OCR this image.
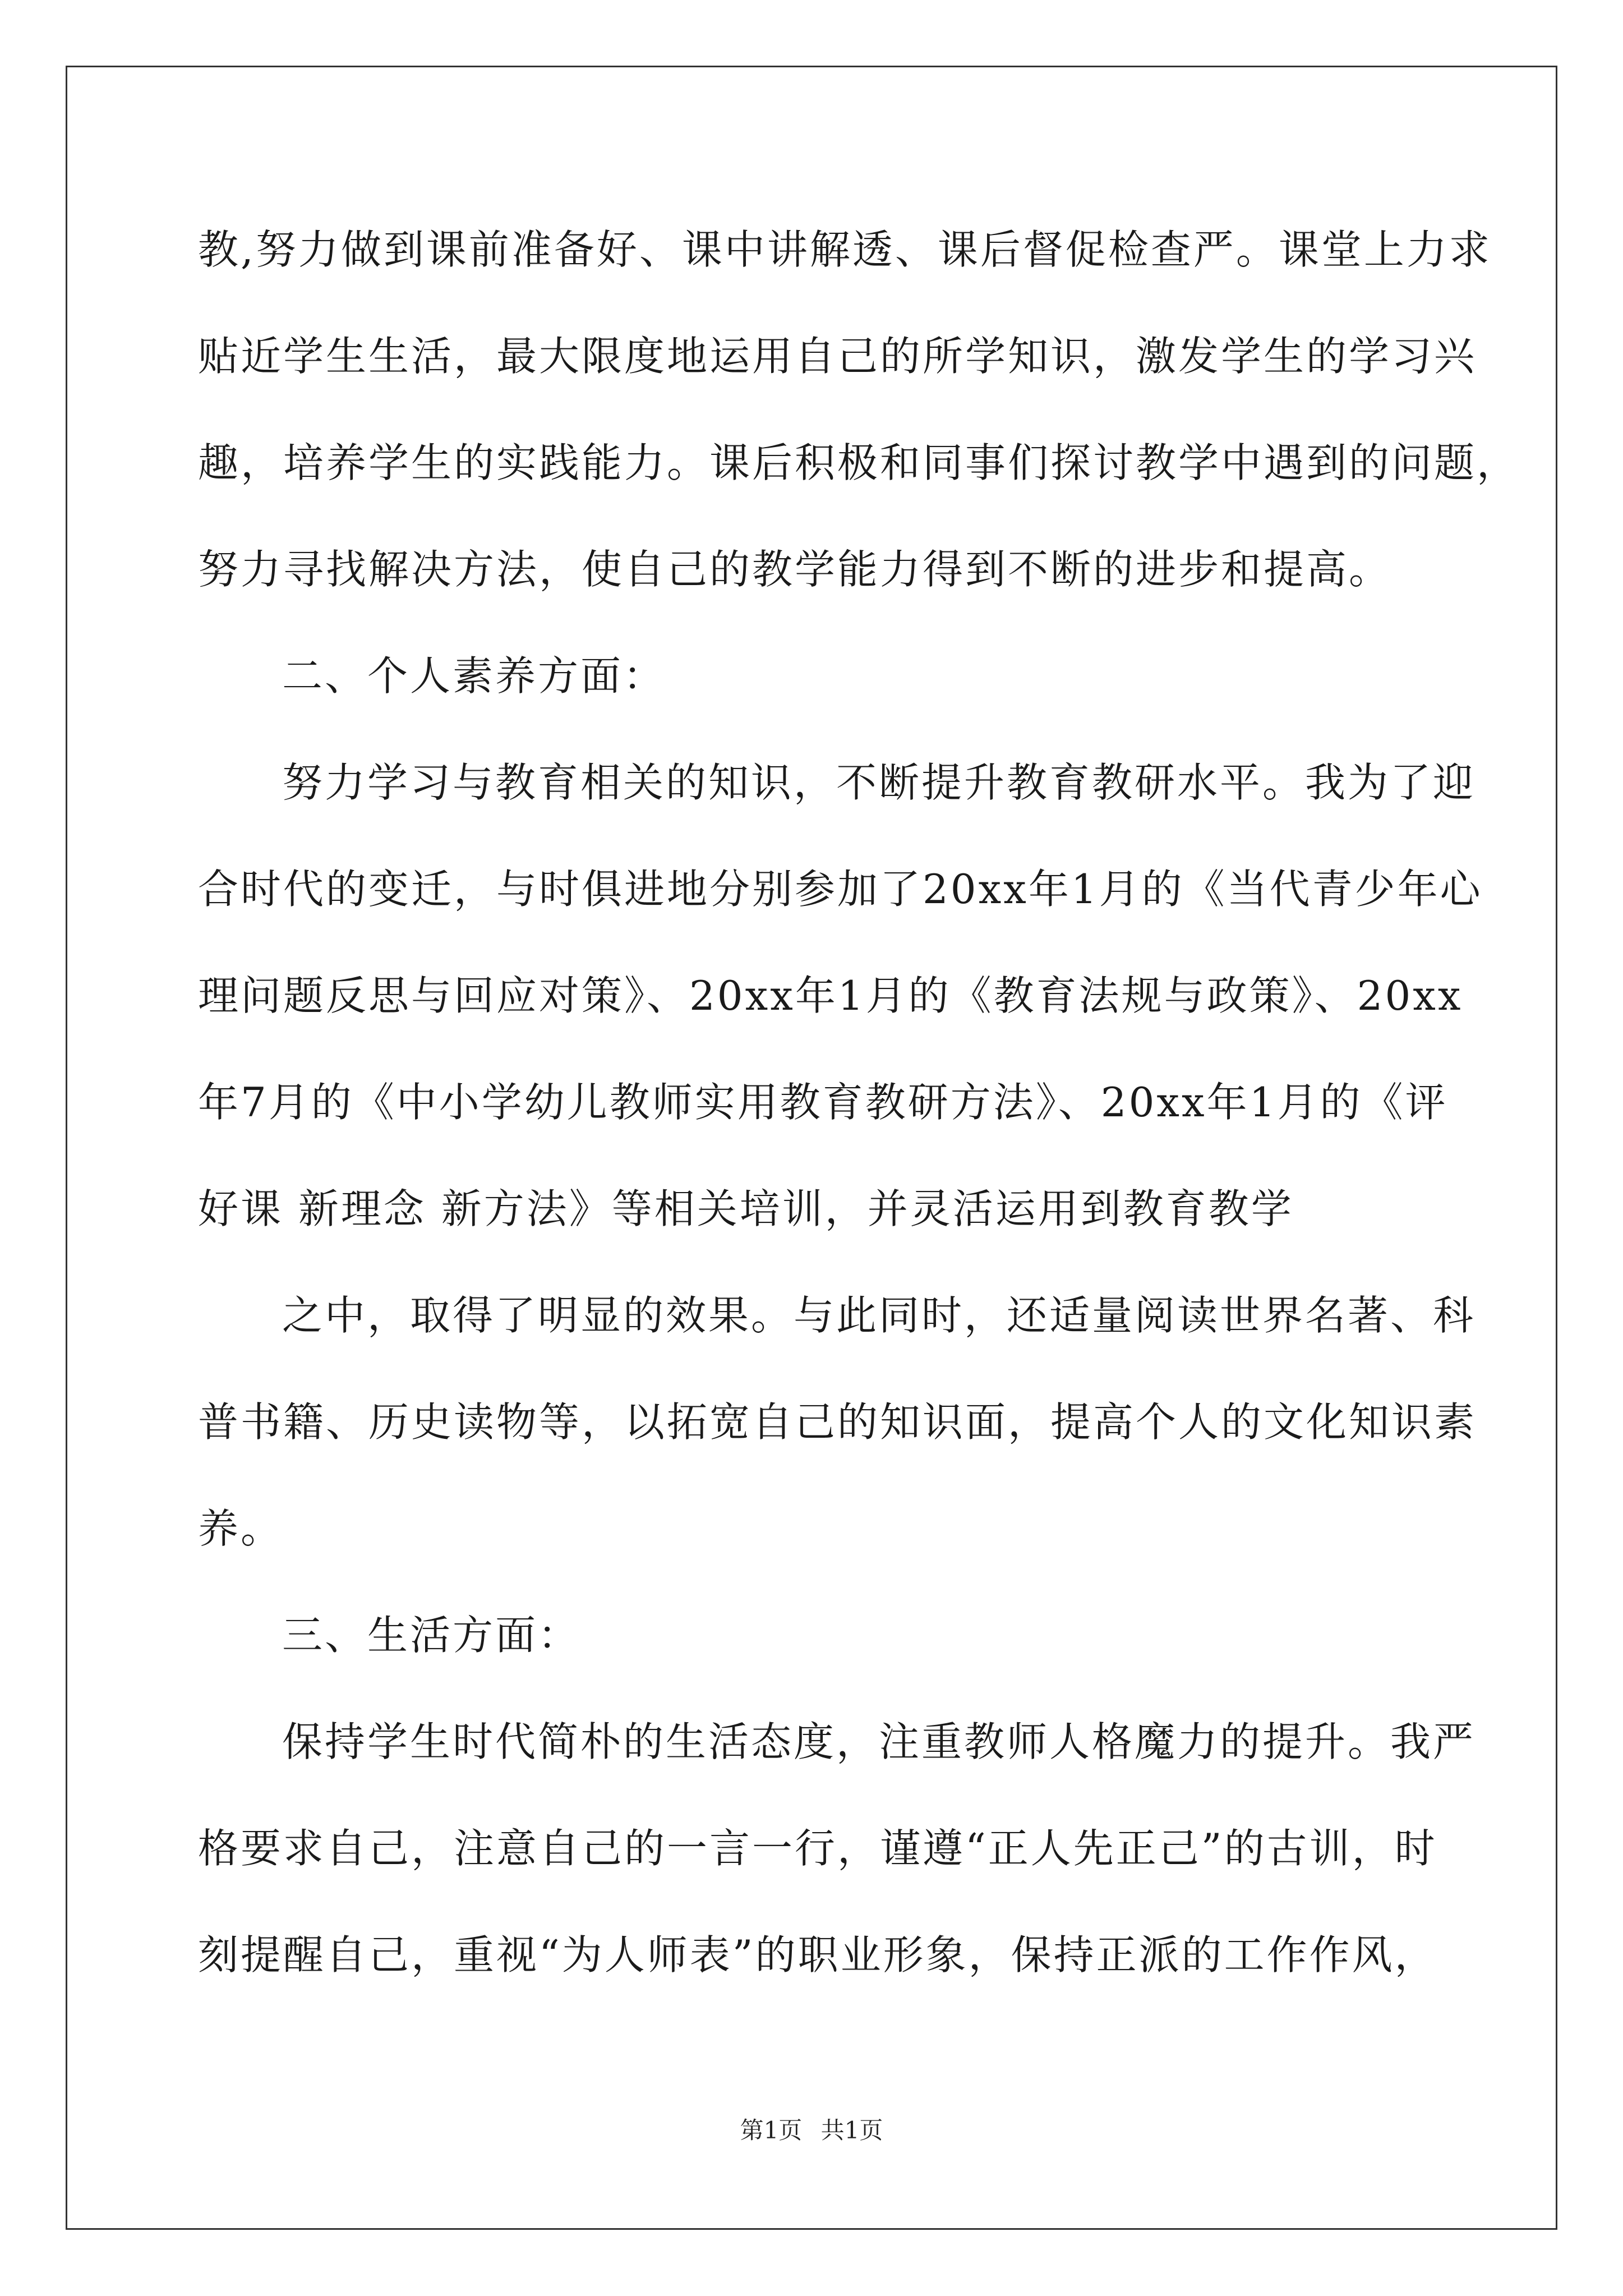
教,努力做到课前准备好、课中讲解透、课后督促检查严。课堂上力求
贴近学生生活，最大限度地运用自己的所学知识，激发学生的学习兴
趣，培养学生的实践能力。课后积极和同事们探讨教学中遇到的问题，
努力寻找解决方法，使自己的教学能力得到不断的进步和提高。
二、个人素养方面：
努力学习与教育相关的知识，不断提升教育教研水平。我为了迎
合时代的变迁，与时俱进地分别参加了20xx年1月的《当代青少年心
理问题反思与回应对策》、20xx年1月的《教育法规与政策》、20xx
年7月的《中小学幼儿教师实用教育教研方法》、20xx年1月的《评
好课 新理念 新方法》等相关培训，并灵活运用到教育教学
之中，取得了明显的效果。与此同时，还适量阅读世界名著、科
普书籍、历史读物等，以拓宽自己的知识面，提高个人的文化知识素
养。
三、生活方面：
保持学生时代简朴的生活态度，注重教师人格魔力的提升。我严
格要求自己，注意自己的一言一行，谨遵“正人先正己”的古训，时
刻提醒自己，重视“为人师表”的职业形象，保持正派的工作作风，
第1页 共1页
